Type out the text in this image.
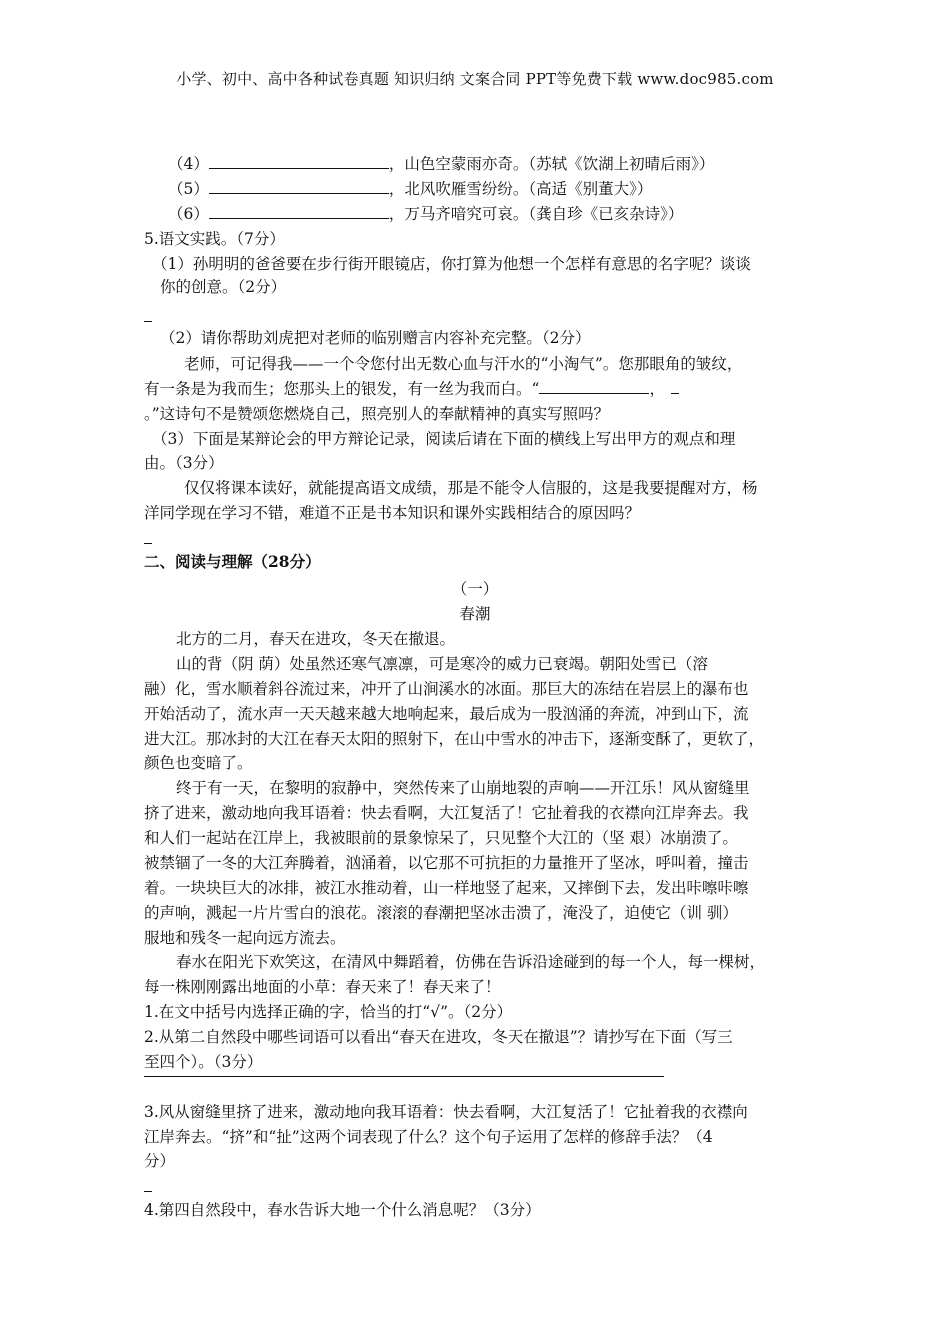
小学、初中、高中各种试卷真题 知识归纳 文案合同 PPT等免费下载 www.doc985.com
（4）	，山色空蒙雨亦奇。（苏轼《饮湖上初晴后雨》）
（5）	，北风吹雁雪纷纷。（高适《别董大》）
（6）	，万马齐喑究可哀。（龚自珍《已亥杂诗》）
5.语文实践。（7分）
（1）孙明明的爸爸要在步行街开眼镜店，你打算为他想一个怎样有意思的名字呢？谈谈
你的创意。（2分）
（2）请你帮助刘虎把对老师的临别赠言内容补充完整。（2分）
老师，可记得我——一个令您付出无数心血与汗水的“小淘气”。您那眼角的皱纹，
有一条是为我而生；您那头上的银发，有一丝为我而白。“	，
。”这诗句不是赞颂您燃烧自己，照亮别人的奉献精神的真实写照吗？
（3）下面是某辩论会的甲方辩论记录，阅读后请在下面的横线上写出甲方的观点和理
由。（3分）
仅仅将课本读好，就能提高语文成绩，那是不能令人信服的，这是我要提醒对方，杨
洋同学现在学习不错，难道不正是书本知识和课外实践相结合的原因吗？
二、阅读与理解（28分）
（一）
春潮
北方的二月，春天在进攻，冬天在撤退。
山的背（阴 荫）处虽然还寒气凛凛，可是寒冷的威力已衰竭。朝阳处雪已（溶
融）化，雪水顺着斜谷流过来，冲开了山涧溪水的冰面。那巨大的冻结在岩层上的瀑布也
开始活动了，流水声一天天越来越大地响起来，最后成为一股汹涌的奔流，冲到山下，流
进大江。那冰封的大江在春天太阳的照射下，在山中雪水的冲击下，逐渐变酥了，更软了，
颜色也变暗了。
终于有一天，在黎明的寂静中，突然传来了山崩地裂的声响——开江乐！风从窗缝里
挤了进来，激动地向我耳语着：快去看啊，大江复活了！它扯着我的衣襟向江岸奔去。我
和人们一起站在江岸上，我被眼前的景象惊呆了，只见整个大江的（坚 艰）冰崩溃了。
被禁锢了一冬的大江奔腾着，汹涌着，以它那不可抗拒的力量推开了坚冰，呼叫着，撞击
着。一块块巨大的冰排，被江水推动着，山一样地竖了起来，又摔倒下去，发出咔嚓咔嚓
的声响，溅起一片片雪白的浪花。滚滚的春潮把坚冰击溃了，淹没了，迫使它（训 驯）
服地和残冬一起向远方流去。
春水在阳光下欢笑这，在清风中舞蹈着，仿佛在告诉沿途碰到的每一个人，每一棵树，
每一株刚刚露出地面的小草：春天来了！春天来了！
1.在文中括号内选择正确的字，恰当的打“√”。（2分）
2.从第二自然段中哪些词语可以看出“春天在进攻，冬天在撤退”？请抄写在下面（写三
至四个）。（3分）
3.风从窗缝里挤了进来，激动地向我耳语着：快去看啊，大江复活了！它扯着我的衣襟向
江岸奔去。“挤”和“扯”这两个词表现了什么？这个句子运用了怎样的修辞手法？（4
分）
4.第四自然段中，春水告诉大地一个什么消息呢？（3分）
